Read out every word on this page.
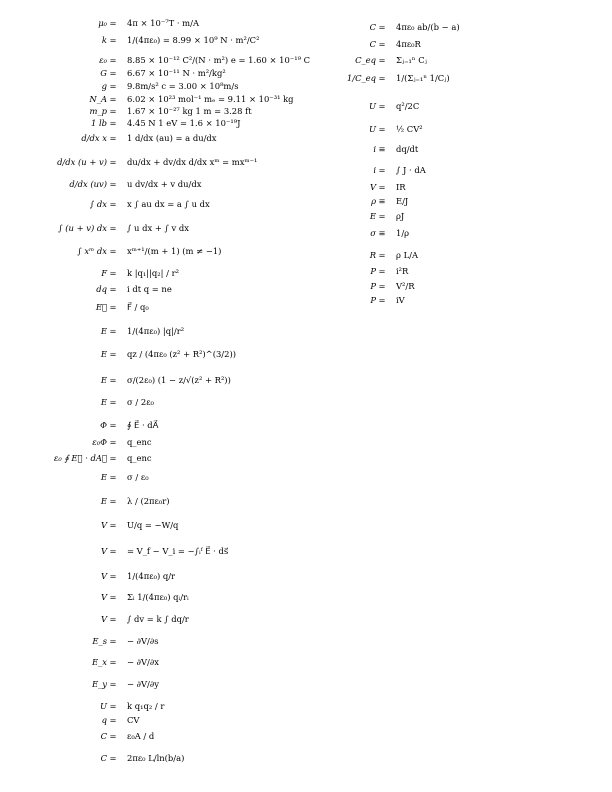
μ₀ = 4π × 10⁻⁷T · m/A
k = 1/(4πε₀) = 8.99 × 10⁹ N · m²/C²
ε₀ = 8.85 × 10⁻¹² C²/(N · m²) e = 1.60 × 10⁻¹⁹ C
G = 6.67 × 10⁻¹¹ N · m²/kg²
g = 9.8m/s² c = 3.00 × 10⁸m/s
N_A = 6.02 × 10²³ mol⁻¹ mₑ = 9.11 × 10⁻³¹ kg
m_p = 1.67 × 10⁻²⁷ kg 1 m = 3.28 ft
1 lb = 4.45 N 1 eV = 1.6 × 10⁻¹⁹J
d/dx x = 1 d/dx (au) = a du/dx
d/dx (u + v) = du/dx + dv/dx d/dx xᵐ = mxᵐ⁻¹
d/dx (uv) = u dv/dx + v du/dx
∫ dx = x ∫ au dx = a ∫ u dx
∫ (u + v) dx = ∫ u dx + ∫ v dx
∫ xᵐ dx = xᵐ⁺¹/(m + 1) (m ≠ −1)
F = k |q₁||q₂| / r²
dq = i dt q = ne
E⃗ = F⃗ / q₀
E = 1/(4πε₀) |q|/r²
E = qz / (4πε₀ (z² + R²)^(3/2))
E = σ/(2ε₀) (1 − z/√(z² + R²))
E = σ / 2ε₀
Φ = ∮ E⃗ · dA⃗
ε₀Φ = q_enc
ε₀ ∮ E⃗ · dA⃗ = q_enc
E = σ / ε₀
E = λ / (2πε₀r)
V = U/q = −W/q
V = = V_f − V_i = −∫ᵢᶠ E⃗ · ds⃗
V = 1/(4πε₀) q/r
V = Σᵢ 1/(4πε₀) qᵢ/rᵢ
V = ∫ dv = k ∫ dq/r
E_s = − ∂V/∂s
E_x = − ∂V/∂x
E_y = − ∂V/∂y
U = k q₁q₂ / r
q = CV
C = ε₀A / d
C = 2πε₀ L/ln(b/a)
C = 4πε₀ ab/(b − a)
C = 4πε₀R
C_eq = Σⱼ₌₁ⁿ Cⱼ
1/C_eq = 1/(Σⱼ₌₁ⁿ 1/Cⱼ)
U = q²/2C
U = ½ CV²
i ≡ dq/dt
i = ∫ J · dA
V = IR
ρ ≡ E/J
E = ρJ
σ ≡ 1/ρ
R = ρ L/A
P = i²R
P = V²/R
P = iV
